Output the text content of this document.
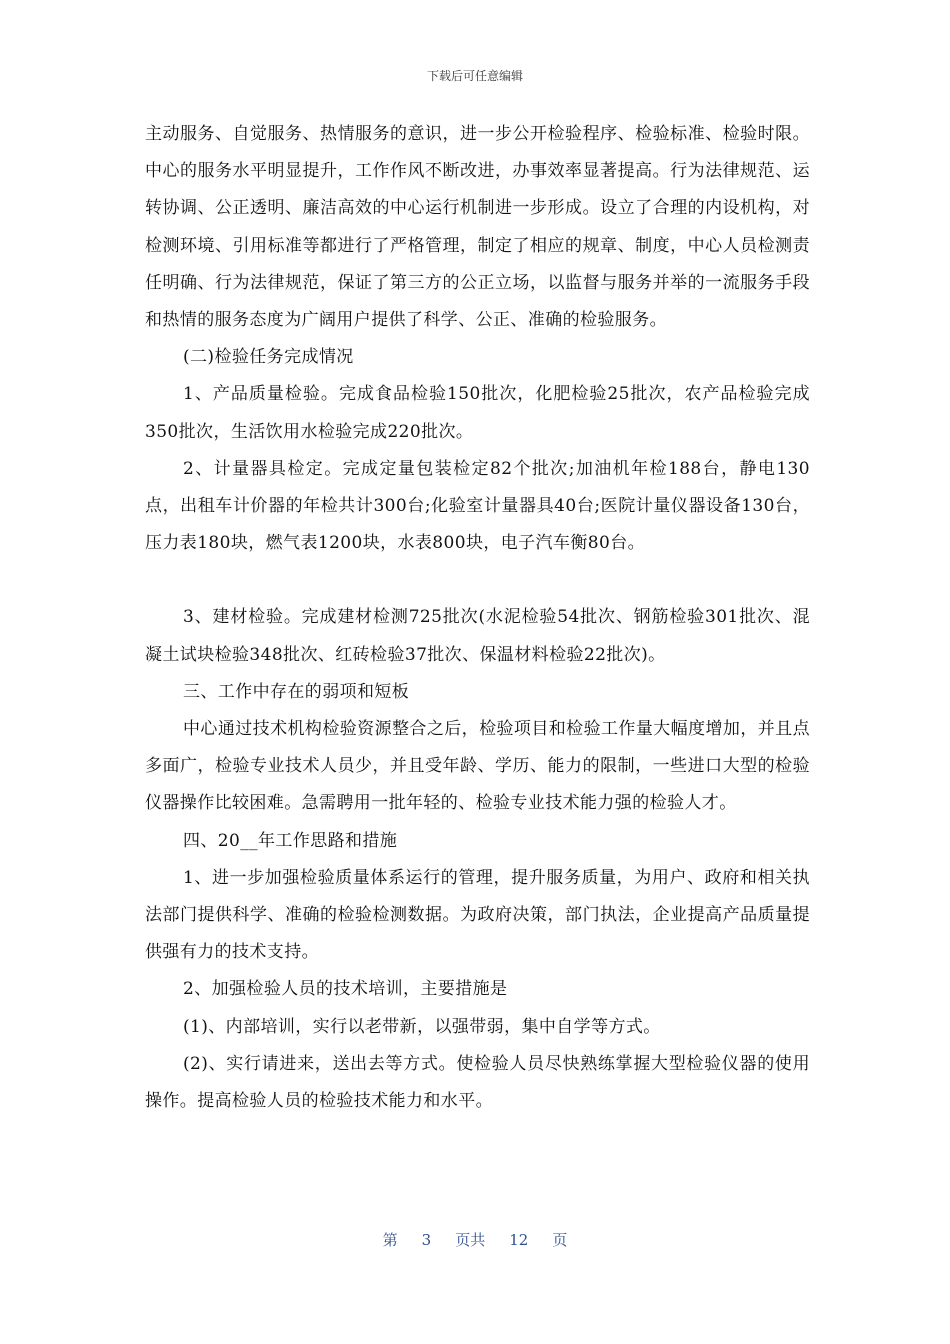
下载后可任意编辑

主动服务、自觉服务、热情服务的意识，进一步公开检验程序、检验标准、检验时限。中心的服务水平明显提升，工作作风不断改进，办事效率显著提高。行为法律规范、运转协调、公正透明、廉洁高效的中心运行机制进一步形成。设立了合理的内设机构，对检测环境、引用标准等都进行了严格管理，制定了相应的规章、制度，中心人员检测责任明确、行为法律规范，保证了第三方的公正立场，以监督与服务并举的一流服务手段和热情的服务态度为广阔用户提供了科学、公正、准确的检验服务。

(二)检验任务完成情况

1、产品质量检验。完成食品检验150批次，化肥检验25批次，农产品检验完成350批次，生活饮用水检验完成220批次。

2、计量器具检定。完成定量包装检定82个批次;加油机年检188台，静电130点，出租车计价器的年检共计300台;化验室计量器具40台;医院计量仪器设备130台，压力表180块，燃气表1200块，水表800块，电子汽车衡80台。

3、建材检验。完成建材检测725批次(水泥检验54批次、钢筋检验301批次、混凝土试块检验348批次、红砖检验37批次、保温材料检验22批次)。

三、工作中存在的弱项和短板

中心通过技术机构检验资源整合之后，检验项目和检验工作量大幅度增加，并且点多面广，检验专业技术人员少，并且受年龄、学历、能力的限制，一些进口大型的检验仪器操作比较困难。急需聘用一批年轻的、检验专业技术能力强的检验人才。

四、20__年工作思路和措施

1、进一步加强检验质量体系运行的管理，提升服务质量，为用户、政府和相关执法部门提供科学、准确的检验检测数据。为政府决策，部门执法，企业提高产品质量提供强有力的技术支持。

2、加强检验人员的技术培训，主要措施是

(1)、内部培训，实行以老带新，以强带弱，集中自学等方式。

(2)、实行请进来，送出去等方式。使检验人员尽快熟练掌握大型检验仪器的使用操作。提高检验人员的检验技术能力和水平。

第 3 页共 12 页
